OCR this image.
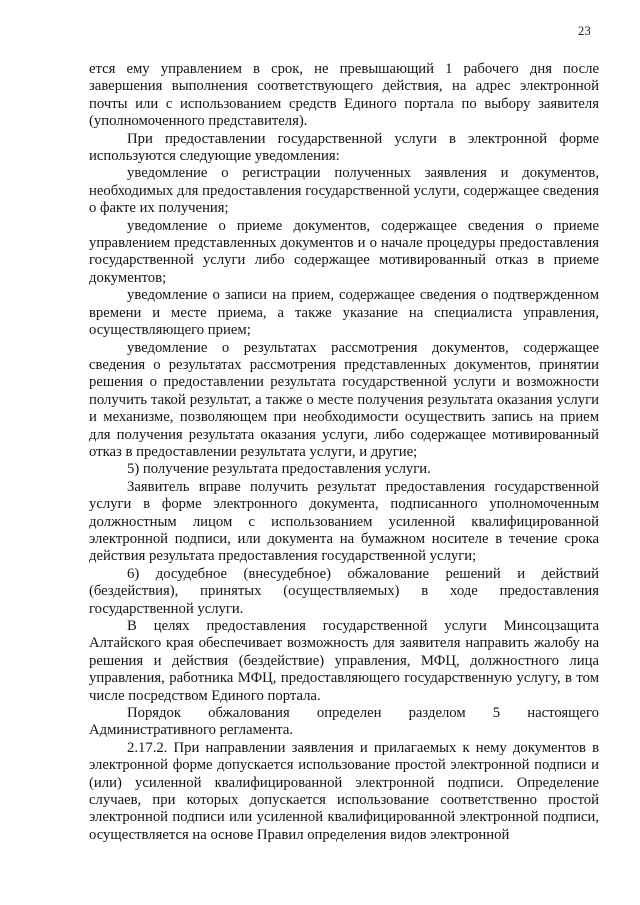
23

ется ему управлением в срок, не превышающий 1 рабочего дня после завершения выполнения соответствующего действия, на адрес электронной почты или с использованием средств Единого портала по выбору заявителя (уполномоченного представителя).

При предоставлении государственной услуги в электронной форме используются следующие уведомления:

уведомление о регистрации полученных заявления и документов, необходимых для предоставления государственной услуги, содержащее сведения о факте их получения;

уведомление о приеме документов, содержащее сведения о приеме управлением представленных документов и о начале процедуры предоставления государственной услуги либо содержащее мотивированный отказ в приеме документов;

уведомление о записи на прием, содержащее сведения о подтвержденном времени и месте приема, а также указание на специалиста управления, осуществляющего прием;

уведомление о результатах рассмотрения документов, содержащее сведения о результатах рассмотрения представленных документов, принятии решения о предоставлении результата государственной услуги и возможности получить такой результат, а также о месте получения результата оказания услуги и механизме, позволяющем при необходимости осуществить запись на прием для получения результата оказания услуги, либо содержащее мотивированный отказ в предоставлении результата услуги, и другие;

5) получение результата предоставления услуги.

Заявитель вправе получить результат предоставления государственной услуги в форме электронного документа, подписанного уполномоченным должностным лицом с использованием усиленной квалифицированной электронной подписи, или документа на бумажном носителе в течение срока действия результата предоставления государственной услуги;

6) досудебное (внесудебное) обжалование решений и действий (бездействия), принятых (осуществляемых) в ходе предоставления государственной услуги.

В целях предоставления государственной услуги Минсоцзащита Алтайского края обеспечивает возможность для заявителя направить жалобу на решения и действия (бездействие) управления, МФЦ, должностного лица управления, работника МФЦ, предоставляющего государственную услугу, в том числе посредством Единого портала.

Порядок обжалования определен разделом 5 настоящего Административного регламента.

2.17.2. При направлении заявления и прилагаемых к нему документов в электронной форме допускается использование простой электронной подписи и (или) усиленной квалифицированной электронной подписи. Определение случаев, при которых допускается использование соответственно простой электронной подписи или усиленной квалифицированной электронной подписи, осуществляется на основе Правил определения видов электронной
